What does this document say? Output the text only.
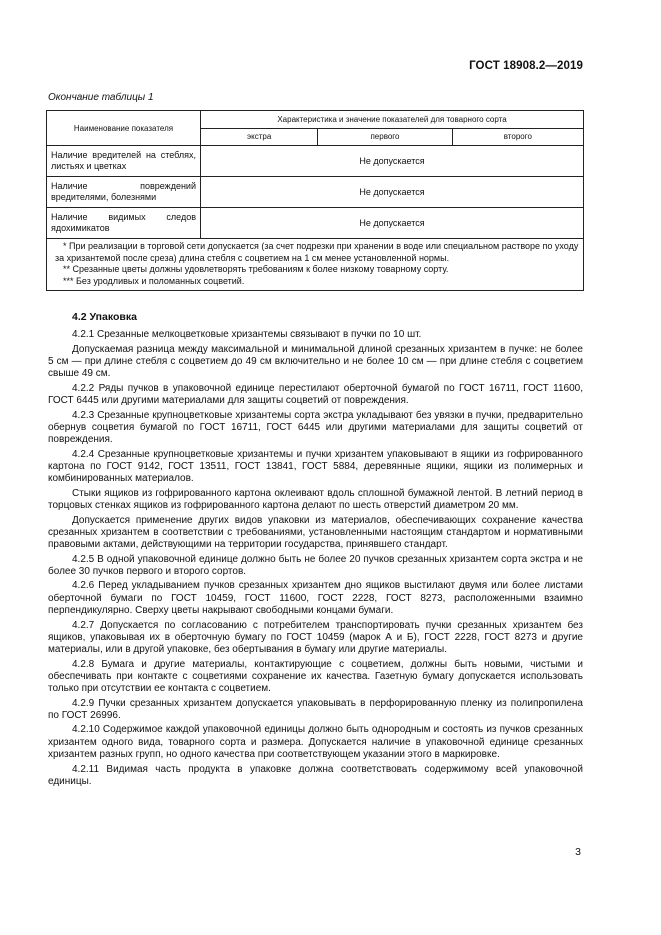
ГОСТ 18908.2—2019
Окончание таблицы 1
Наименование показателя	Характеристика и значение показателей для товарного сорта		
	экстра	первого	второго
Наличие вредителей на стеблях, листьях и цветках	Не допускается		
Наличие повреждений вредителями, болезнями	Не допускается		
Наличие видимых следов ядохимикатов	Не допускается		

* При реализации в торговой сети допускается (за счет подрезки при хранении в воде или специальном растворе по уходу за хризантемой после среза) длина стебля с соцветием на 1 см менее установленной нормы.
** Срезанные цветы должны удовлетворять требованиям к более низкому товарному сорту.
*** Без уродливых и поломанных соцветий.			
4.2 Упаковка

4.2.1 Срезанные мелкоцветковые хризантемы связывают в пучки по 10 шт.

Допускаемая разница между максимальной и минимальной длиной срезанных хризантем в пучке: не более 5 см — при длине стебля с соцветием до 49 см включительно и не более 10 см — при длине стебля с соцветием свыше 49 см.

4.2.2 Ряды пучков в упаковочной единице перестилают оберточной бумагой по ГОСТ 16711, ГОСТ 11600, ГОСТ 6445 или другими материалами для защиты соцветий от повреждения.

4.2.3 Срезанные крупноцветковые хризантемы сорта экстра укладывают без увязки в пучки, предварительно обернув соцветия бумагой по ГОСТ 16711, ГОСТ 6445 или другими материалами для защиты соцветий от повреждения.

4.2.4 Срезанные крупноцветковые хризантемы и пучки хризантем упаковывают в ящики из гофрированного картона по ГОСТ 9142, ГОСТ 13511, ГОСТ 13841, ГОСТ 5884, деревянные ящики, ящики из полимерных и комбинированных материалов.

Стыки ящиков из гофрированного картона оклеивают вдоль сплошной бумажной лентой. В летний период в торцовых стенках ящиков из гофрированного картона делают по шесть отверстий диаметром 20 мм.

Допускается применение других видов упаковки из материалов, обеспечивающих сохранение качества срезанных хризантем в соответствии с требованиями, установленными настоящим стандартом и нормативными правовыми актами, действующими на территории государства, принявшего стандарт.

4.2.5 В одной упаковочной единице должно быть не более 20 пучков срезанных хризантем сорта экстра и не более 30 пучков первого и второго сортов.

4.2.6 Перед укладыванием пучков срезанных хризантем дно ящиков выстилают двумя или более листами оберточной бумаги по ГОСТ 10459, ГОСТ 11600, ГОСТ 2228, ГОСТ 8273, расположенными взаимно перпендикулярно. Сверху цветы накрывают свободными концами бумаги.

4.2.7 Допускается по согласованию с потребителем транспортировать пучки срезанных хризантем без ящиков, упаковывая их в оберточную бумагу по ГОСТ 10459 (марок А и Б), ГОСТ 2228, ГОСТ 8273 и другие материалы, или в другой упаковке, без обертывания в бумагу или другие материалы.

4.2.8 Бумага и другие материалы, контактирующие с соцветием, должны быть новыми, чистыми и обеспечивать при контакте с соцветиями сохранение их качества. Газетную бумагу допускается использовать только при отсутствии ее контакта с соцветием.

4.2.9 Пучки срезанных хризантем допускается упаковывать в перфорированную пленку из полипропилена по ГОСТ 26996.

4.2.10 Содержимое каждой упаковочной единицы должно быть однородным и состоять из пучков срезанных хризантем одного вида, товарного сорта и размера. Допускается наличие в упаковочной единице срезанных хризантем разных групп, но одного качества при соответствующем указании этого в маркировке.

4.2.11 Видимая часть продукта в упаковке должна соответствовать содержимому всей упаковочной единицы.

3
